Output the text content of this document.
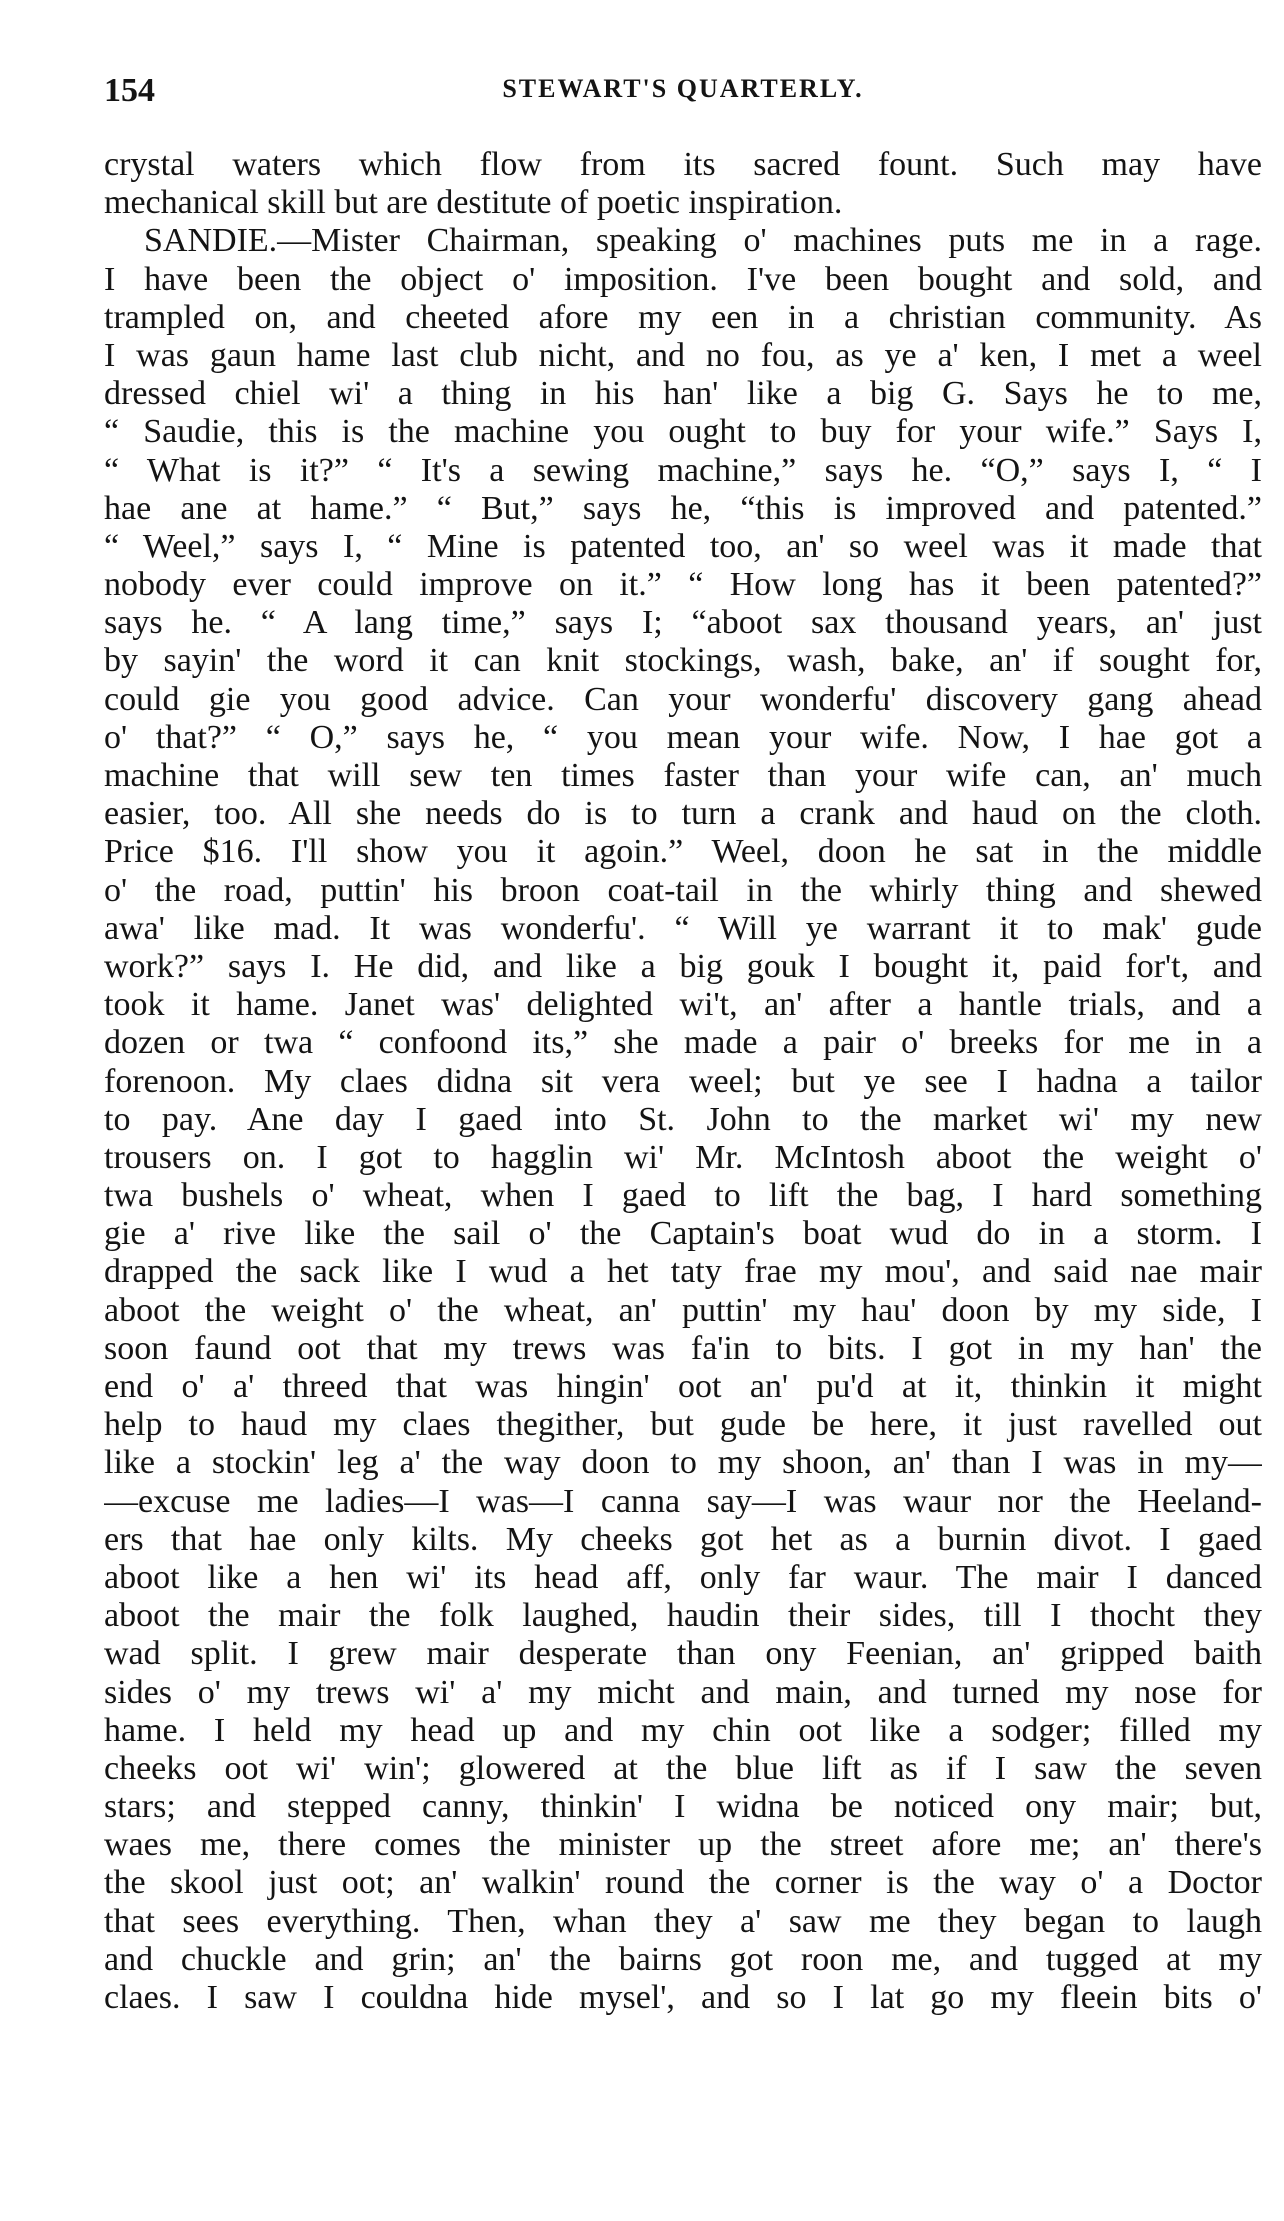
154	STEWART'S QUARTERLY.
crystal waters which flow from its sacred fount. Such may have
mechanical skill but are destitute of poetic inspiration.
SANDIE.—Mister Chairman, speaking o' machines puts me in a rage.
I have been the object o' imposition. I've been bought and sold, and
trampled on, and cheeted afore my een in a christian community. As
I was gaun hame last club nicht, and no fou, as ye a' ken, I met a weel
dressed chiel wi' a thing in his han' like a big G. Says he to me,
“ Saudie, this is the machine you ought to buy for your wife.” Says I,
“ What is it?” “ It's a sewing machine,” says he. “O,” says I, “ I
hae ane at hame.” “ But,” says he, “this is improved and patented.”
“ Weel,” says I, “ Mine is patented too, an' so weel was it made that
nobody ever could improve on it.” “ How long has it been patented?”
says he. “ A lang time,” says I; “aboot sax thousand years, an' just
by sayin' the word it can knit stockings, wash, bake, an' if sought for,
could gie you good advice. Can your wonderfu' discovery gang ahead
o' that?” “ O,” says he, “ you mean your wife. Now, I hae got a
machine that will sew ten times faster than your wife can, an' much
easier, too. All she needs do is to turn a crank and haud on the cloth.
Price $16. I'll show you it agoin.” Weel, doon he sat in the middle
o' the road, puttin' his broon coat-tail in the whirly thing and shewed
awa' like mad. It was wonderfu'. “ Will ye warrant it to mak' gude
work?” says I. He did, and like a big gouk I bought it, paid for't, and
took it hame. Janet was' delighted wi't, an' after a hantle trials, and a
dozen or twa “ confoond its,” she made a pair o' breeks for me in a
forenoon. My claes didna sit vera weel; but ye see I hadna a tailor
to pay. Ane day I gaed into St. John to the market wi' my new
trousers on. I got to hagglin wi' Mr. McIntosh aboot the weight o'
twa bushels o' wheat, when I gaed to lift the bag, I hard something
gie a' rive like the sail o' the Captain's boat wud do in a storm. I
drapped the sack like I wud a het taty frae my mou', and said nae mair
aboot the weight o' the wheat, an' puttin' my hau' doon by my side, I
soon faund oot that my trews was fa'in to bits. I got in my han' the
end o' a' threed that was hingin' oot an' pu'd at it, thinkin it might
help to haud my claes thegither, but gude be here, it just ravelled out
like a stockin' leg a' the way doon to my shoon, an' than I was in my—
—excuse me ladies—I was—I canna say—I was waur nor the Heeland-
ers that hae only kilts. My cheeks got het as a burnin divot. I gaed
aboot like a hen wi' its head aff, only far waur. The mair I danced
aboot the mair the folk laughed, haudin their sides, till I thocht they
wad split. I grew mair desperate than ony Feenian, an' gripped baith
sides o' my trews wi' a' my micht and main, and turned my nose for
hame. I held my head up and my chin oot like a sodger; filled my
cheeks oot wi' win'; glowered at the blue lift as if I saw the seven
stars; and stepped canny, thinkin' I widna be noticed ony mair; but,
waes me, there comes the minister up the street afore me; an' there's
the skool just oot; an' walkin' round the corner is the way o' a Doctor
that sees everything. Then, whan they a' saw me they began to laugh
and chuckle and grin; an' the bairns got roon me, and tugged at my
claes. I saw I couldna hide mysel', and so I lat go my fleein bits o'
